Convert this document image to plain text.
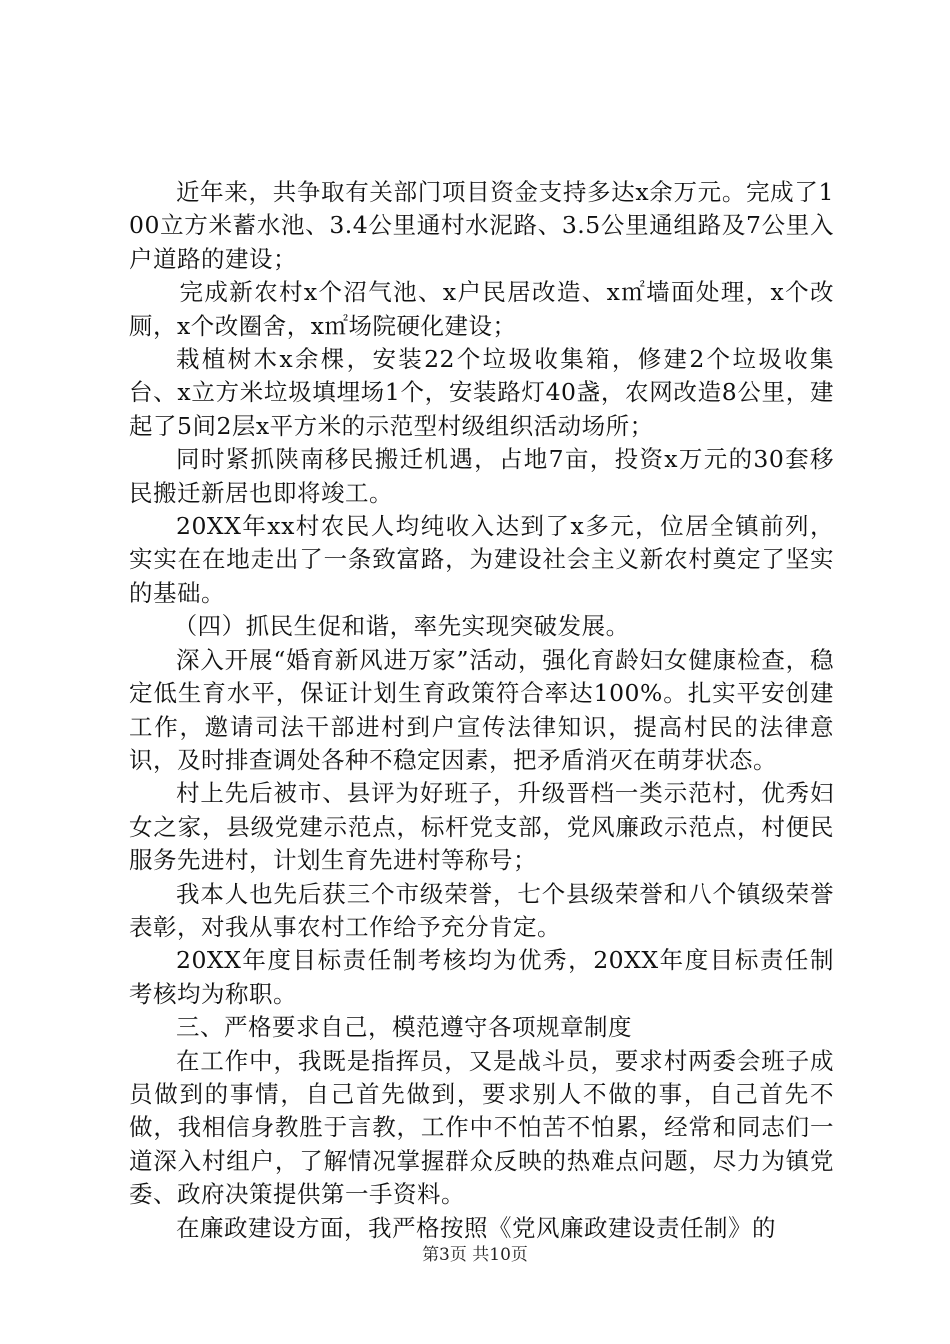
近年来，共争取有关部门项目资金支持多达x余万元。完成了100立方米蓄水池、3.4公里通村水泥路、3.5公里通组路及7公里入户道路的建设；

完成新农村x个沼气池、x户民居改造、x㎡墙面处理，x个改厕，x个改圈舍，x㎡场院硬化建设；

栽植树木x余棵，安装22个垃圾收集箱，修建2个垃圾收集台、x立方米垃圾填埋场1个，安装路灯40盏，农网改造8公里，建起了5间2层x平方米的示范型村级组织活动场所；

同时紧抓陕南移民搬迁机遇，占地7亩，投资x万元的30套移民搬迁新居也即将竣工。

20XX年xx村农民人均纯收入达到了x多元，位居全镇前列，实实在在地走出了一条致富路，为建设社会主义新农村奠定了坚实的基础。

（四）抓民生促和谐，率先实现突破发展。

深入开展“婚育新风进万家”活动，强化育龄妇女健康检查，稳定低生育水平，保证计划生育政策符合率达100%。扎实平安创建工作，邀请司法干部进村到户宣传法律知识，提高村民的法律意识，及时排查调处各种不稳定因素，把矛盾消灭在萌芽状态。

村上先后被市、县评为好班子，升级晋档一类示范村，优秀妇女之家，县级党建示范点，标杆党支部，党风廉政示范点，村便民服务先进村，计划生育先进村等称号；

我本人也先后获三个市级荣誉，七个县级荣誉和八个镇级荣誉表彰，对我从事农村工作给予充分肯定。

20XX年度目标责任制考核均为优秀，20XX年度目标责任制考核均为称职。

三、严格要求自己，模范遵守各项规章制度

在工作中，我既是指挥员，又是战斗员，要求村两委会班子成员做到的事情，自己首先做到，要求别人不做的事，自己首先不做，我相信身教胜于言教，工作中不怕苦不怕累，经常和同志们一道深入村组户，了解情况掌握群众反映的热难点问题，尽力为镇党委、政府决策提供第一手资料。

在廉政建设方面，我严格按照《党风廉政建设责任制》的

第3页 共10页
